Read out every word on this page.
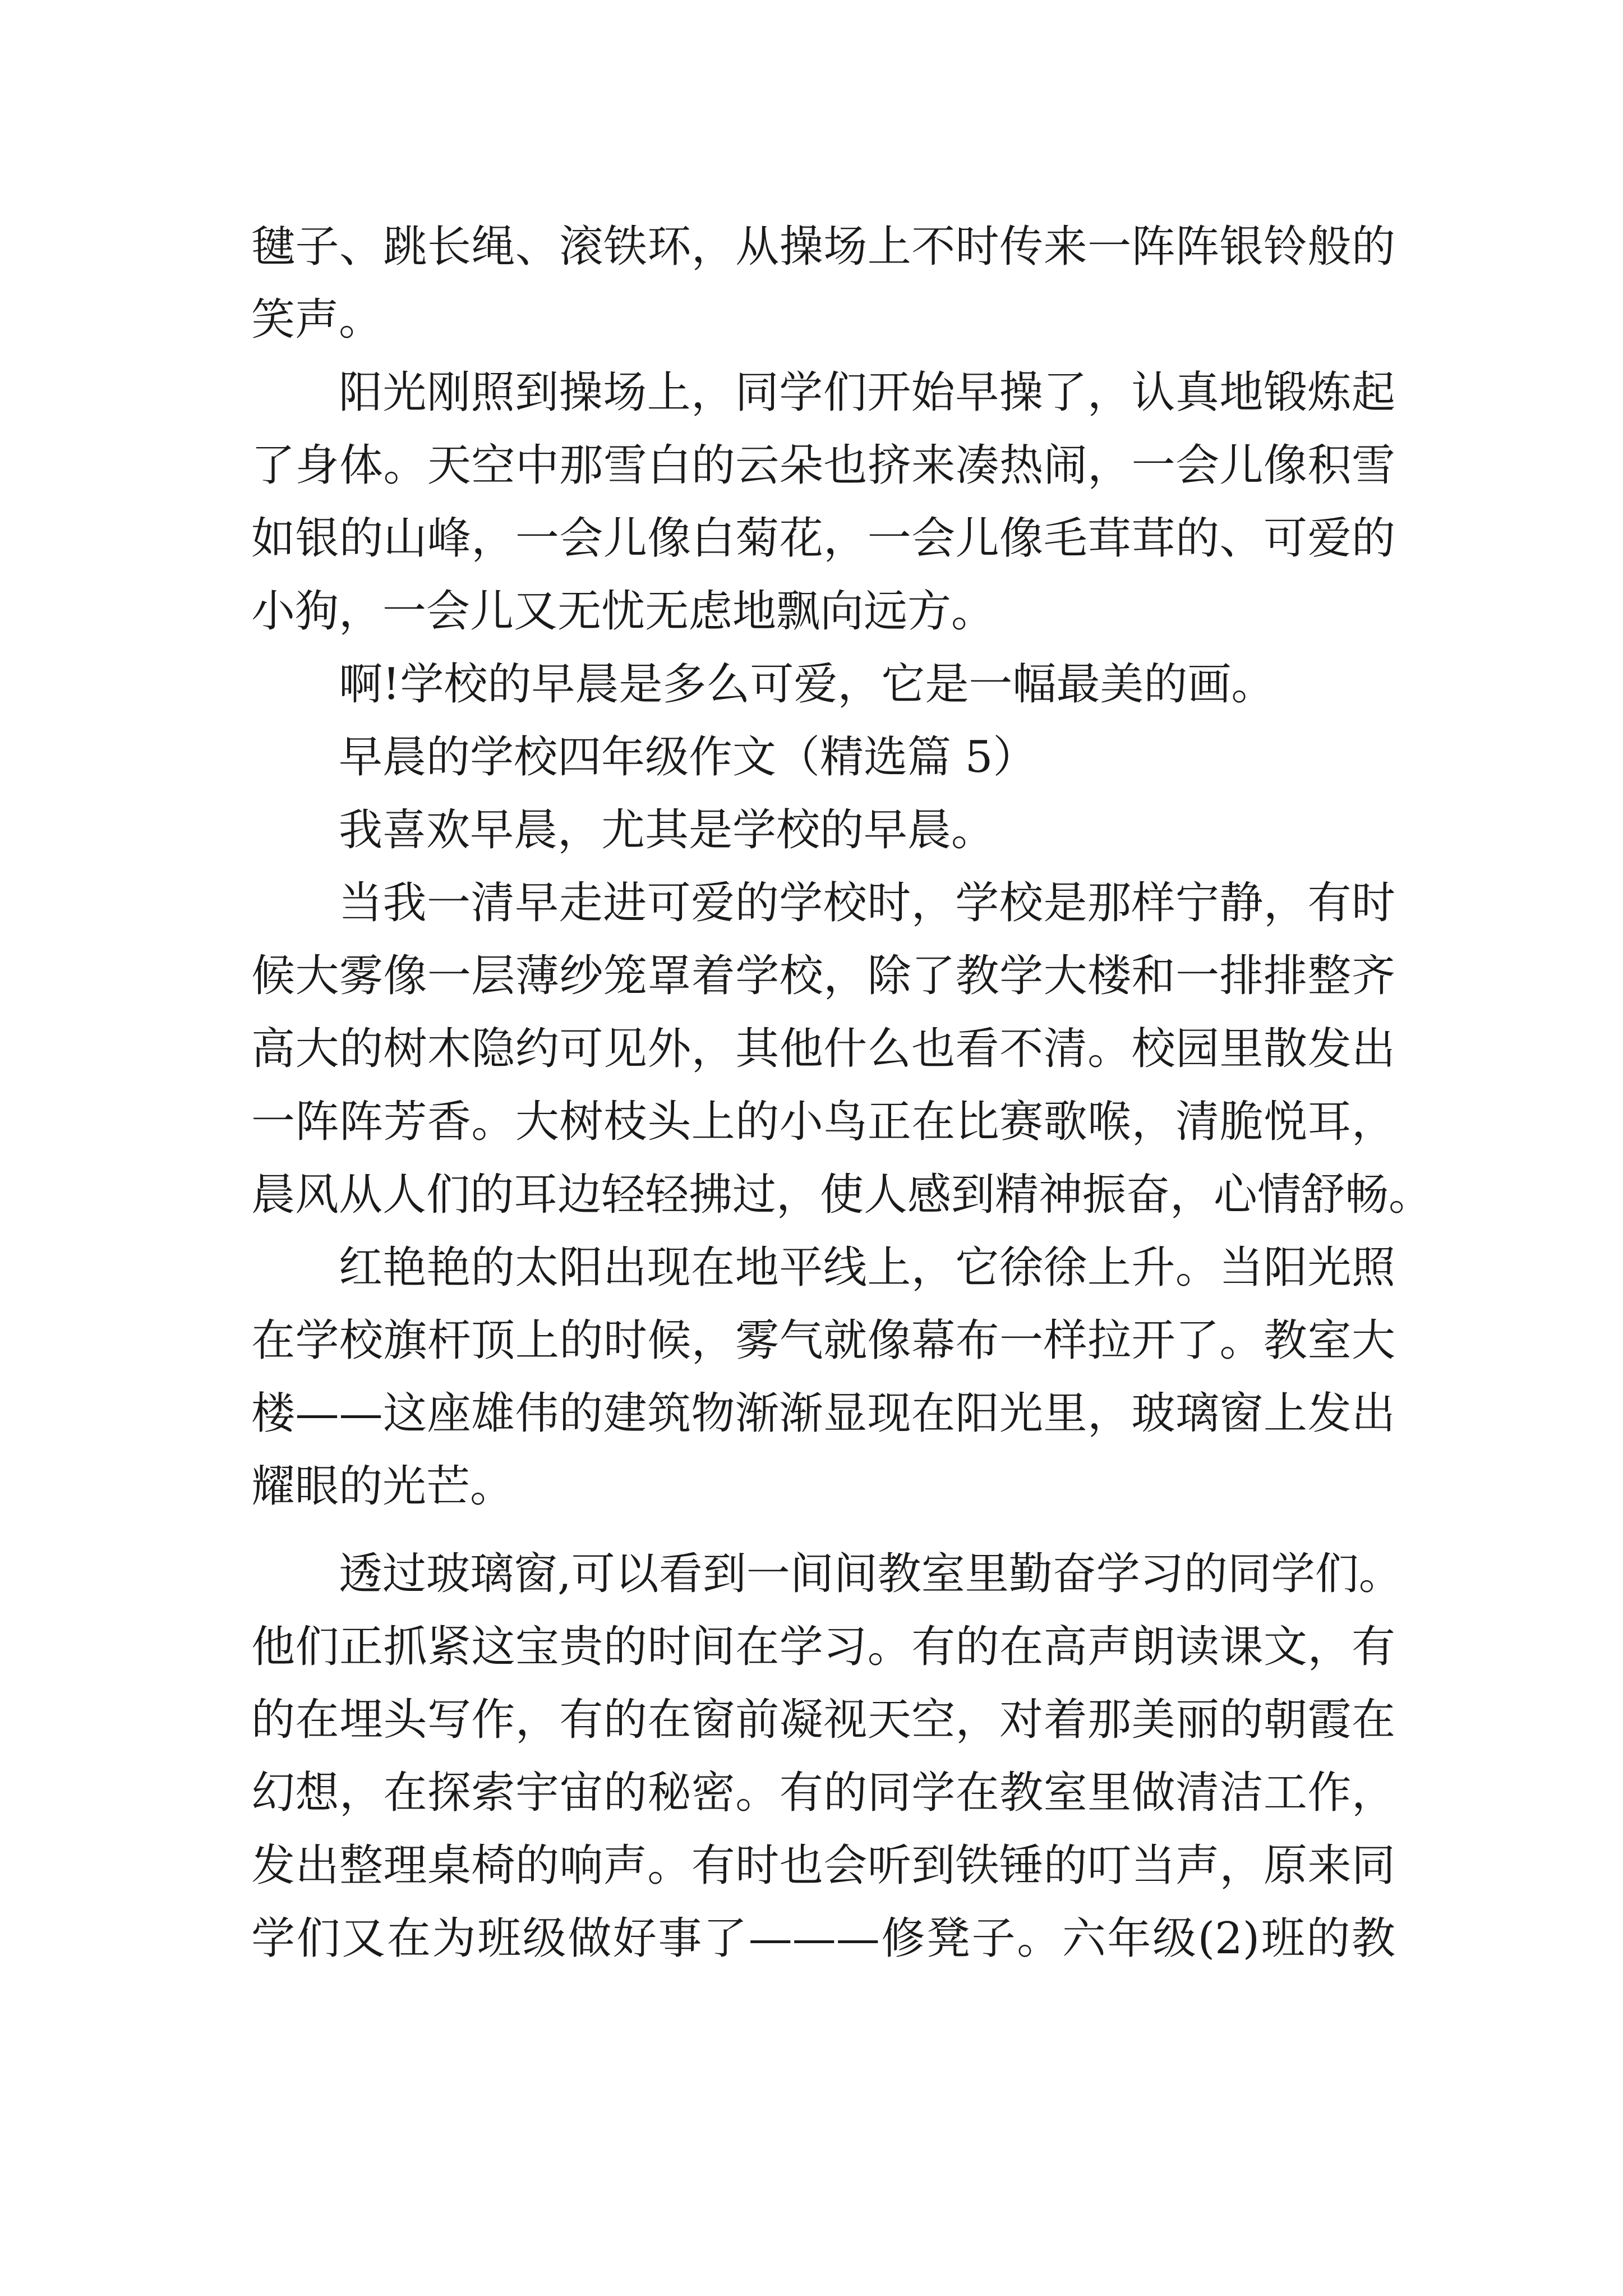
毽子、跳长绳、滚铁环，从操场上不时传来一阵阵银铃般的
笑声。
阳光刚照到操场上，同学们开始早操了，认真地锻炼起
了身体。天空中那雪白的云朵也挤来凑热闹，一会儿像积雪
如银的山峰，一会儿像白菊花，一会儿像毛茸茸的、可爱的
小狗，一会儿又无忧无虑地飘向远方。
啊!学校的早晨是多么可爱，它是一幅最美的画。
早晨的学校四年级作文（精选篇 5）
我喜欢早晨，尤其是学校的早晨。
当我一清早走进可爱的学校时，学校是那样宁静，有时
候大雾像一层薄纱笼罩着学校，除了教学大楼和一排排整齐
高大的树木隐约可见外，其他什么也看不清。校园里散发出
一阵阵芳香。大树枝头上的小鸟正在比赛歌喉，清脆悦耳，
晨风从人们的耳边轻轻拂过，使人感到精神振奋，心情舒畅。
红艳艳的太阳出现在地平线上，它徐徐上升。当阳光照
在学校旗杆顶上的时候，雾气就像幕布一样拉开了。教室大
楼——这座雄伟的建筑物渐渐显现在阳光里，玻璃窗上发出
耀眼的光芒。
透过玻璃窗,可以看到一间间教室里勤奋学习的同学们。
他们正抓紧这宝贵的时间在学习。有的在高声朗读课文，有
的在埋头写作，有的在窗前凝视天空，对着那美丽的朝霞在
幻想，在探索宇宙的秘密。有的同学在教室里做清洁工作，
发出整理桌椅的响声。有时也会听到铁锤的叮当声，原来同
学们又在为班级做好事了———修凳子。六年级(2)班的教
